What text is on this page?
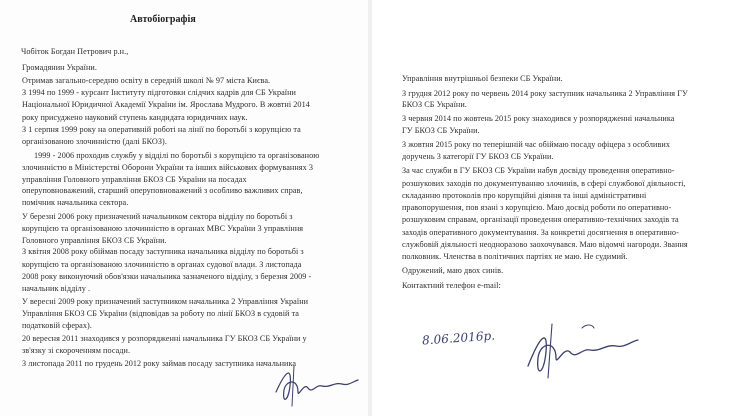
Автобіографія
Чобіток Богдан Петрович р.н.,
Громадянин України.
Отримав загально-середню освіту в середній школі № 97 міста Києва.
З 1994 по 1999 - курсант Інституту підготовки слідчих кадрів для СБ України
Національної Юридичної Академії України ім. Ярослава Мудрого. В жовтні 2014
року присуджено науковий ступень кандидата юридичних наук.
З 1 серпня 1999 року на оперативній роботі на лінії по боротьбі з корупцією та
організованою злочинністю (далі БКОЗ).
1999 - 2006 проходив службу у відділі по боротьбі з корупцією та організованою
злочинністю в Міністерстві Оборони України та інших військових формуваннях 3
управління Головного управління БКОЗ СБ України на посадах
оперуповноважений, старший оперуповноважений з особливо важливих справ,
помічник начальника сектора.
У березні 2006 року призначений начальником сектора відділу по боротьбі з
корупцією та організованою злочинністю в органах МВС України 3 управління
Головного управління БКОЗ СБ України.
З квітня 2008 року обіймав посаду заступника начальника відділу по боротьбі з
корупцією та організованою злочинністю в органах судової влади. З листопада
2008 року виконуючий обов'язки начальника зазначеного відділу, з березня 2009 -
начальник відділу .
У вересні 2009 року призначений заступником начальника 2 Управління України
Управління БКОЗ СБ України (відповідав за роботу по лінії БКОЗ в судовій та
податковій сферах).
20 вересня 2011 знаходився у розпорядженні начальника ГУ БКОЗ СБ України у
зв'язку зі скороченням посади.
З листопада 2011 по грудень 2012 року займав посаду заступника начальника
Управління внутрішньої безпеки СБ України.
З грудня 2012 року по червень 2014 року заступник начальника 2 Управління ГУ
БКОЗ СБ України.
З червня 2014 по жовтень 2015 року знаходився у розпорядженні начальника
ГУ БКОЗ СБ України.
З жовтня 2015 року по теперішній час обіймаю посаду офіцера з особливих
доручень 3 категорії ГУ БКОЗ СБ України.
За час служби в ГУ БКОЗ СБ України набув досвіду проведення оперативно-
розшукових заходів по документуванню злочинів, в сфері службової діяльності,
складанню протоколів про корупційні діяння та інші адміністративні
правопорушення, пов язані з корупцією. Маю досвід роботи по оперативно-
розшуковим справам, організації проведення оперативно-технічних заходів та
заходів оперативного документування. За конкретні досягнення в оперативно-
службовій діяльності неодноразово заохочувався. Маю відомчі нагороди. Звання
полковник. Членства в політичних партіях не маю. Не судимий.
Одружений, маю двох синів.
Контактний телефон e-mail:
8.06.2016р.
